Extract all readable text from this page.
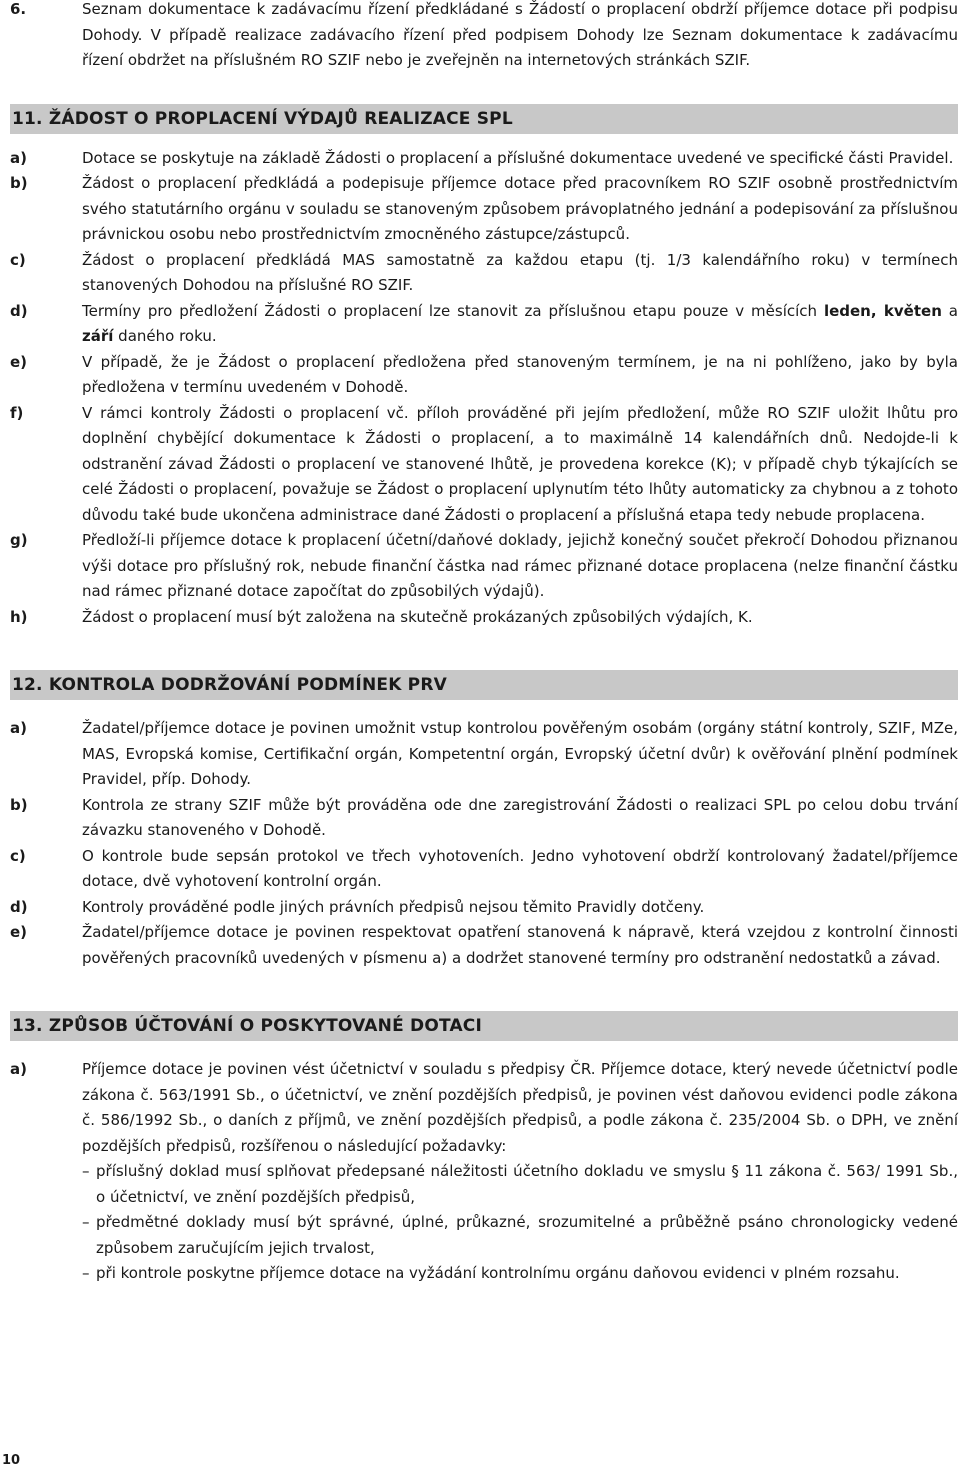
6.	Seznam dokumentace k zadávacímu řízení předkládané s Žádostí o proplacení obdrží příjemce dotace při podpisu Dohody. V případě realizace zadávacího řízení před podpisem Dohody lze Seznam dokumentace k zadávacímu řízení obdržet na příslušném RO SZIF nebo je zveřejněn na internetových stránkách SZIF.
11. ŽÁDOST O PROPLACENÍ VÝDAJŮ REALIZACE SPL
a)	Dotace se poskytuje na základě Žádosti o proplacení a příslušné dokumentace uvedené ve specifické části Pravidel.
b)	Žádost o proplacení předkládá a podepisuje příjemce dotace před pracovníkem RO SZIF osobně prostřednictvím svého statutárního orgánu v souladu se stanoveným způsobem právoplatného jednání a podepisování za příslušnou právnickou osobu nebo prostřednictvím zmocněného zástupce/zástupců.
c)	Žádost o proplacení předkládá MAS samostatně za každou etapu (tj. 1/3 kalendářního roku) v termínech stanovených Dohodou na příslušné RO SZIF.
d)	Termíny pro předložení Žádosti o proplacení lze stanovit za příslušnou etapu pouze v měsících leden, květen a září daného roku.
e)	V případě, že je Žádost o proplacení předložena před stanoveným termínem, je na ni pohlíženo, jako by byla předložena v termínu uvedeném v Dohodě.
f)	V rámci kontroly Žádosti o proplacení vč. příloh prováděné při jejím předložení, může RO SZIF uložit lhůtu pro doplnění chybějící dokumentace k Žádosti o proplacení, a to maximálně 14 kalendářních dnů. Nedojde-li k odstranění závad Žádosti o proplacení ve stanovené lhůtě, je provedena korekce (K); v případě chyb týkajících se celé Žádosti o proplacení, považuje se Žádost o proplacení uplynutím této lhůty automaticky za chybnou a z tohoto důvodu také bude ukončena administrace dané Žádosti o proplacení a příslušná etapa tedy nebude proplacena.
g)	Předloží-li příjemce dotace k proplacení účetní/daňové doklady, jejichž konečný součet překročí Dohodou přiznanou výši dotace pro příslušný rok, nebude finanční částka nad rámec přiznané dotace proplacena (nelze finanční částku nad rámec přiznané dotace započítat do způsobilých výdajů).
h)	Žádost o proplacení musí být založena na skutečně prokázaných způsobilých výdajích, K.
12. KONTROLA DODRŽOVÁNÍ PODMÍNEK PRV
a)	Žadatel/příjemce dotace je povinen umožnit vstup kontrolou pověřeným osobám (orgány státní kontroly, SZIF, MZe, MAS, Evropská komise, Certifikační orgán, Kompetentní orgán, Evropský účetní dvůr) k ověřování plnění podmínek Pravidel, příp. Dohody.
b)	Kontrola ze strany SZIF může být prováděna ode dne zaregistrování Žádosti o realizaci SPL po celou dobu trvání závazku stanoveného v Dohodě.
c)	O kontrole bude sepsán protokol ve třech vyhotoveních. Jedno vyhotovení obdrží kontrolovaný žadatel/příjemce dotace, dvě vyhotovení kontrolní orgán.
d)	Kontroly prováděné podle jiných právních předpisů nejsou těmito Pravidly dotčeny.
e)	Žadatel/příjemce dotace je povinen respektovat opatření stanovená k nápravě, která vzejdou z kontrolní činnosti pověřených pracovníků uvedených v písmenu a) a dodržet stanovené termíny pro odstranění nedostatků a závad.
13. ZPŮSOB ÚČTOVÁNÍ O POSKYTOVANÉ DOTACI
a)	Příjemce dotace je povinen vést účetnictví v souladu s předpisy ČR. Příjemce dotace, který nevede účetnictví podle zákona č. 563/1991 Sb., o účetnictví, ve znění pozdějších předpisů, je povinen vést daňovou evidenci podle zákona č. 586/1992 Sb., o daních z příjmů, ve znění pozdějších předpisů, a podle zákona č. 235/2004 Sb. o DPH, ve znění pozdějších předpisů, rozšířenou o následující požadavky:
– příslušný doklad musí splňovat předepsané náležitosti účetního dokladu ve smyslu § 11 zákona č. 563/ 1991 Sb., o účetnictví, ve znění pozdějších předpisů,
– předmětné doklady musí být správné, úplné, průkazné, srozumitelné a průběžně psáno chronologicky vedené způsobem zaručujícím jejich trvalost,
– při kontrole poskytne příjemce dotace na vyžádání kontrolnímu orgánu daňovou evidenci v plném rozsahu.
10
